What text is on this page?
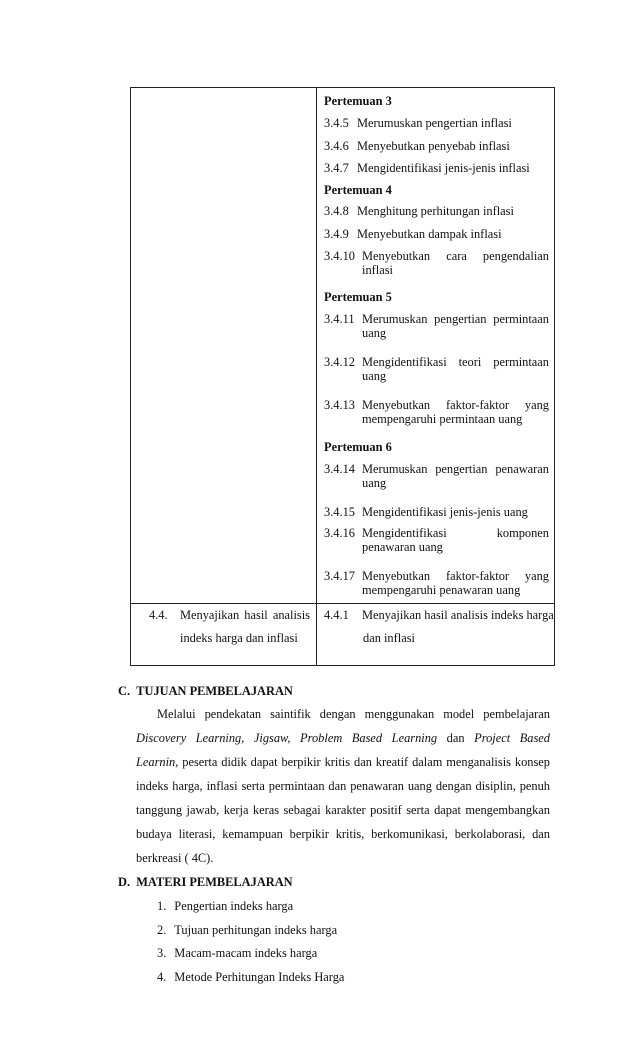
Pertemuan 3
3.4.5 Merumuskan pengertian inflasi
3.4.6 Menyebutkan penyebab inflasi
3.4.7 Mengidentifikasi jenis-jenis inflasi
Pertemuan 4
3.4.8 Menghitung perhitungan inflasi
3.4.9 Menyebutkan dampak inflasi
3.4.10 Menyebutkan cara pengendalian
inflasi
Pertemuan 5
3.4.11 Merumuskan pengertian permintaan
uang
3.4.12 Mengidentifikasi teori permintaan
uang
3.4.13 Menyebutkan faktor-faktor yang
mempengaruhi permintaan uang
Pertemuan 6
3.4.14 Merumuskan pengertian penawaran
uang
3.4.15 Mengidentifikasi jenis-jenis uang
3.4.16 Mengidentifikasi komponen
penawaran uang
3.4.17 Menyebutkan faktor-faktor yang
mempengaruhi penawaran uang
4.4. Menyajikan hasil analisis
indeks harga dan inflasi
4.4.1 Menyajikan hasil analisis indeks harga
dan inflasi
C.  TUJUAN PEMBELAJARAN
Melalui pendekatan saintifik dengan menggunakan model pembelajaran
Discovery Learning, Jigsaw, Problem Based Learning dan Project Based
Learnin, peserta didik dapat berpikir kritis dan kreatif dalam menganalisis konsep
indeks harga, inflasi serta permintaan dan penawaran uang dengan disiplin, penuh
tanggung jawab, kerja keras sebagai karakter positif serta dapat mengembangkan
budaya literasi, kemampuan berpikir kritis, berkomunikasi, berkolaborasi, dan
berkreasi ( 4C).
D.  MATERI PEMBELAJARAN
1. Pengertian indeks harga
2. Tujuan perhitungan indeks harga
3. Macam-macam indeks harga
4. Metode Perhitungan Indeks Harga
